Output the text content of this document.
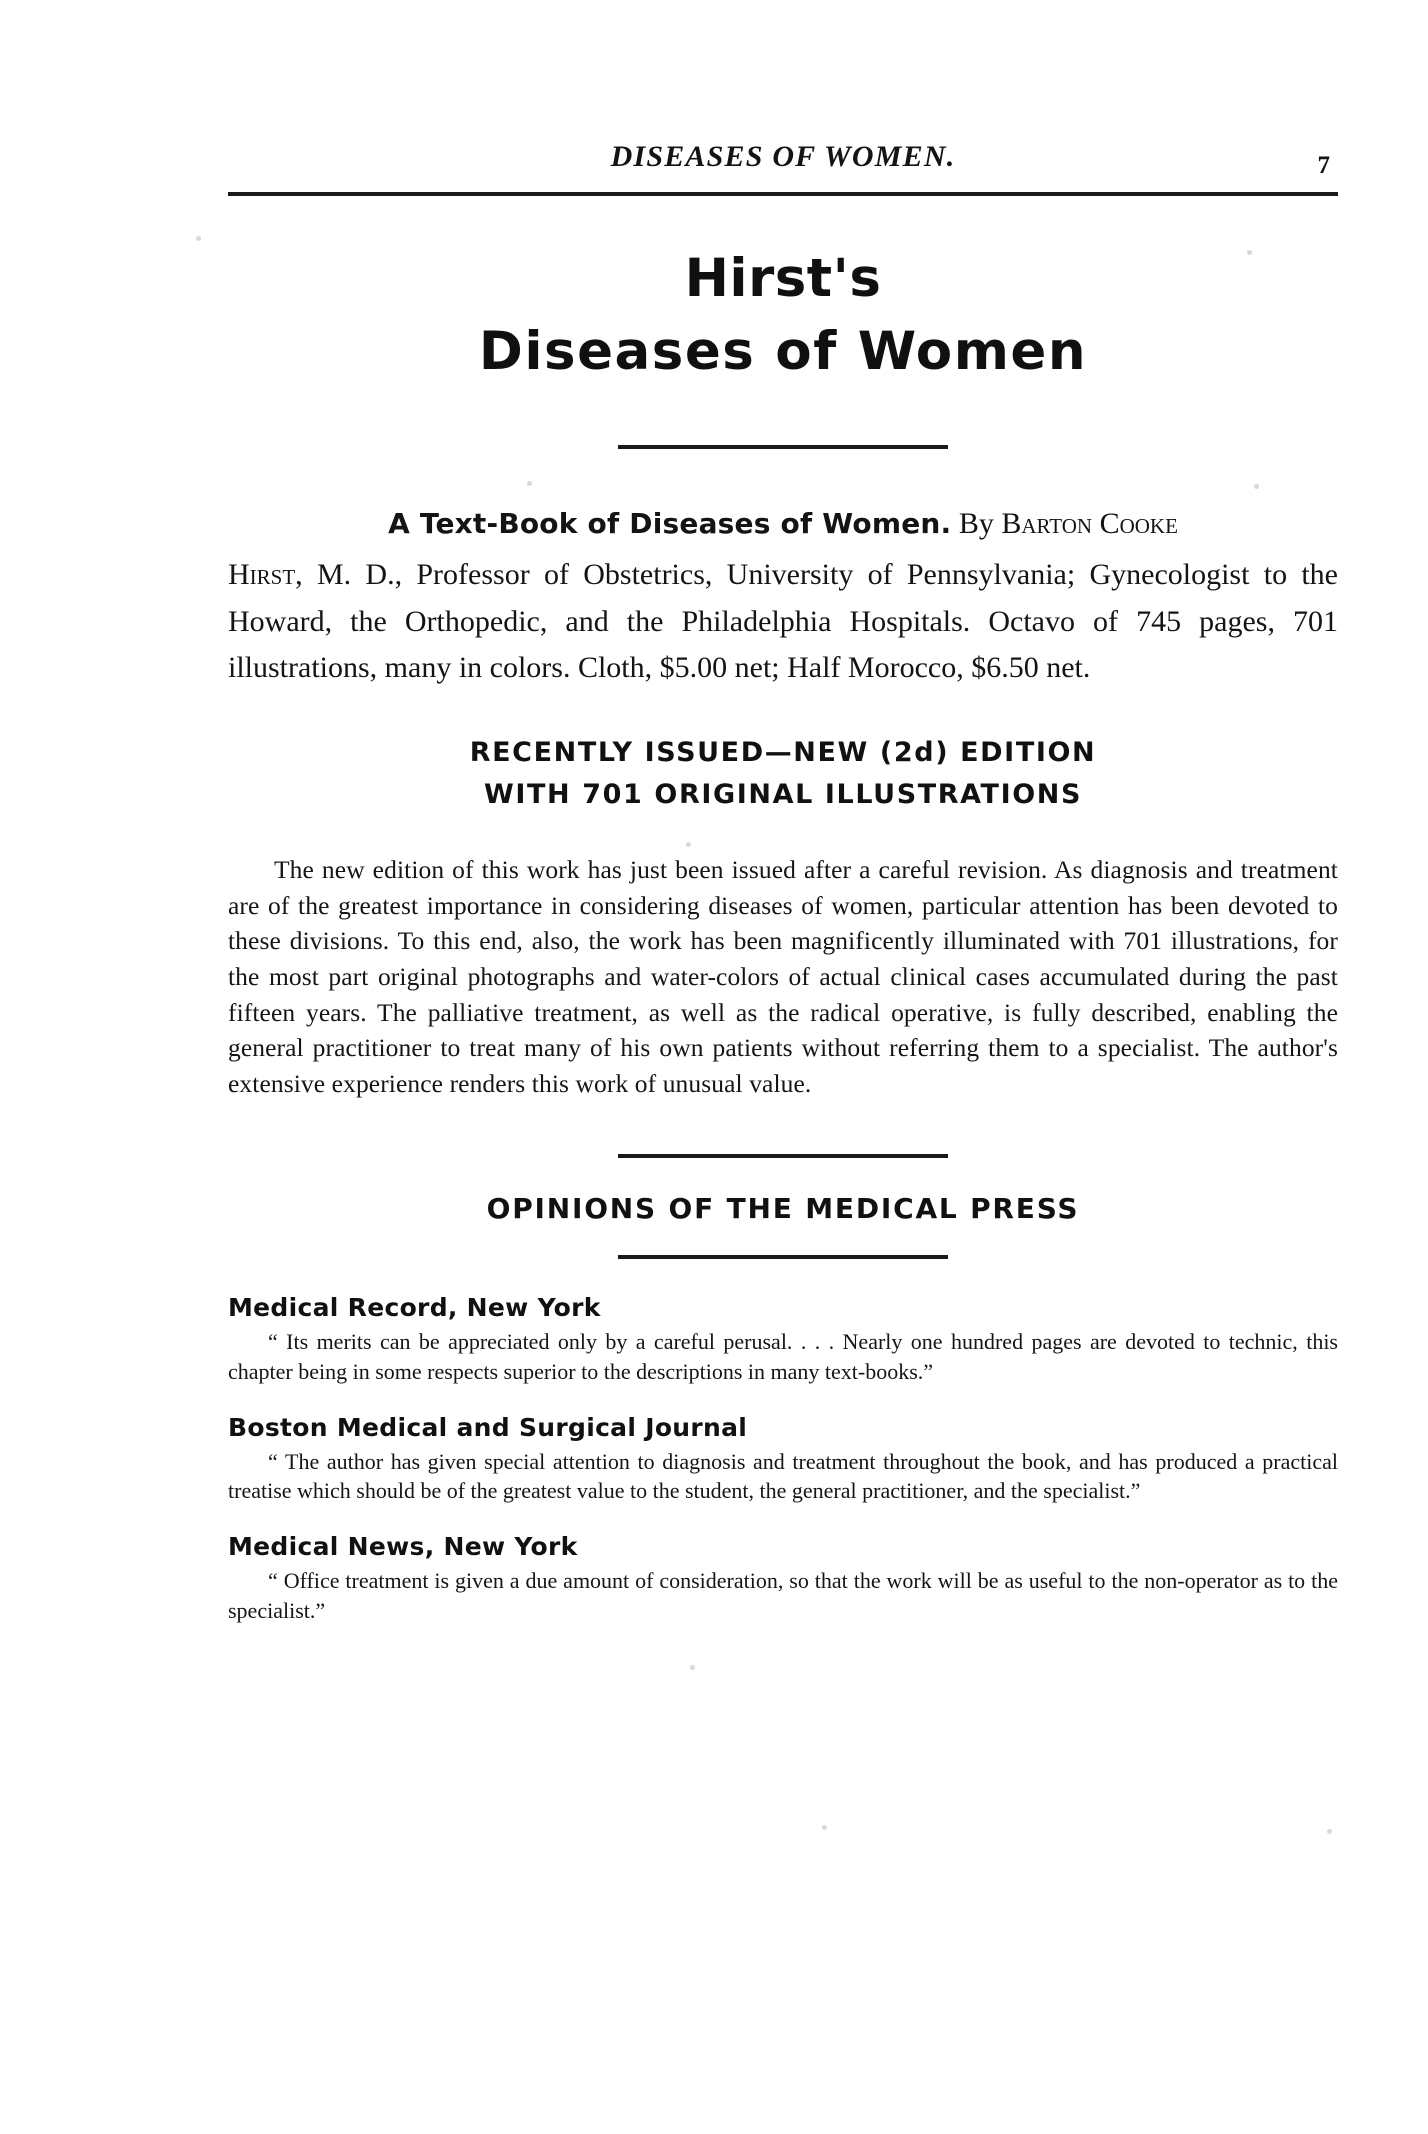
DISEASES OF WOMEN.	7
Hirst's
Diseases of Women
A Text-Book of Diseases of Women. By Barton Cooke
Hirst, M. D., Professor of Obstetrics, University of Pennsylvania; Gynecologist to the Howard, the Orthopedic, and the Philadelphia Hospitals. Octavo of 745 pages, 701 illustrations, many in colors. Cloth, $5.00 net; Half Morocco, $6.50 net.
RECENTLY ISSUED—NEW (2d) EDITION
WITH 701 ORIGINAL ILLUSTRATIONS
The new edition of this work has just been issued after a careful revision. As diagnosis and treatment are of the greatest importance in considering diseases of women, particular attention has been devoted to these divisions. To this end, also, the work has been magnificently illuminated with 701 illustrations, for the most part original photographs and water-colors of actual clinical cases accumulated during the past fifteen years. The palliative treatment, as well as the radical operative, is fully described, enabling the general practitioner to treat many of his own patients without referring them to a specialist. The author's extensive experience renders this work of unusual value.
OPINIONS OF THE MEDICAL PRESS
Medical Record, New York
“ Its merits can be appreciated only by a careful perusal. . . . Nearly one hundred pages are devoted to technic, this chapter being in some respects superior to the descriptions in many text-books.”
Boston Medical and Surgical Journal
“ The author has given special attention to diagnosis and treatment throughout the book, and has produced a practical treatise which should be of the greatest value to the student, the general practitioner, and the specialist.”
Medical News, New York
“ Office treatment is given a due amount of consideration, so that the work will be as useful to the non-operator as to the specialist.”
